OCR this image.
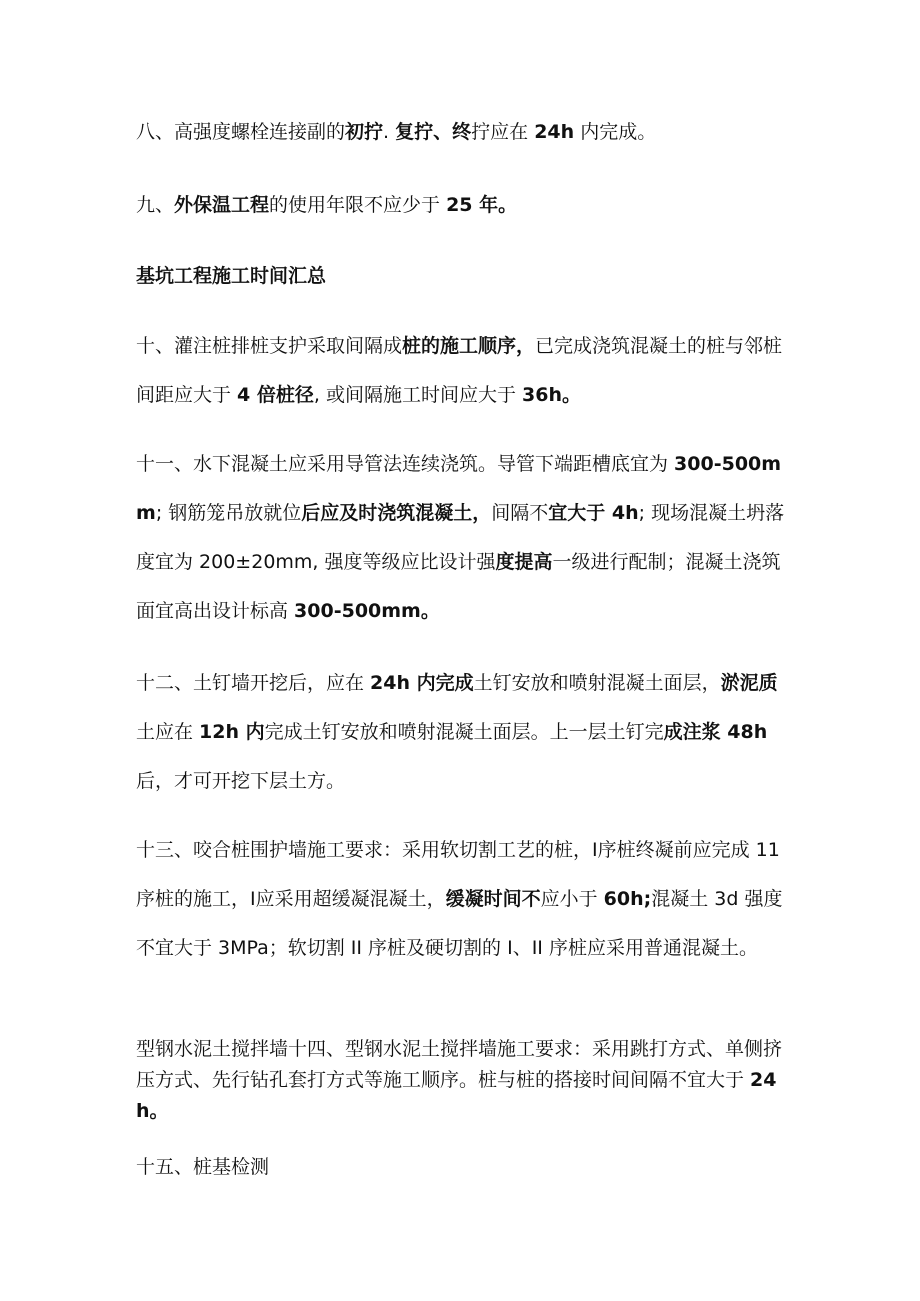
八、高强度螺栓连接副的初拧. 复拧、终拧应在 24h 内完成。

九、外保温工程的使用年限不应少于 25 年。

基坑工程施工时间汇总

十、灌注桩排桩支护采取间隔成桩的施工顺序，已完成浇筑混凝土的桩与邻桩间距应大于 4 倍桩径, 或间隔施工时间应大于 36h。

十一、水下混凝土应采用导管法连续浇筑。导管下端距槽底宜为 300-500mm; 钢筋笼吊放就位后应及时浇筑混凝土，间隔不宜大于 4h; 现场混凝土坍落度宜为 200±20mm, 强度等级应比设计强度提高一级进行配制；混凝土浇筑面宜高出设计标高 300-500mm。

十二、土钉墙开挖后，应在 24h 内完成土钉安放和喷射混凝土面层，淤泥质土应在 12h 内完成土钉安放和喷射混凝土面层。上一层土钉完成注浆 48h 后，才可开挖下层土方。

十三、咬合桩围护墙施工要求：采用软切割工艺的桩，Ⅰ序桩终凝前应完成 11 序桩的施工，Ⅰ应采用超缓凝混凝土，缓凝时间不应小于 60h;混凝土 3d 强度不宜大于 3MPa；软切割 II 序桩及硬切割的 I、II 序桩应采用普通混凝土。

型钢水泥土搅拌墙十四、型钢水泥土搅拌墙施工要求：采用跳打方式、单侧挤压方式、先行钻孔套打方式等施工顺序。桩与桩的搭接时间间隔不宜大于 24h。

十五、桩基检测
